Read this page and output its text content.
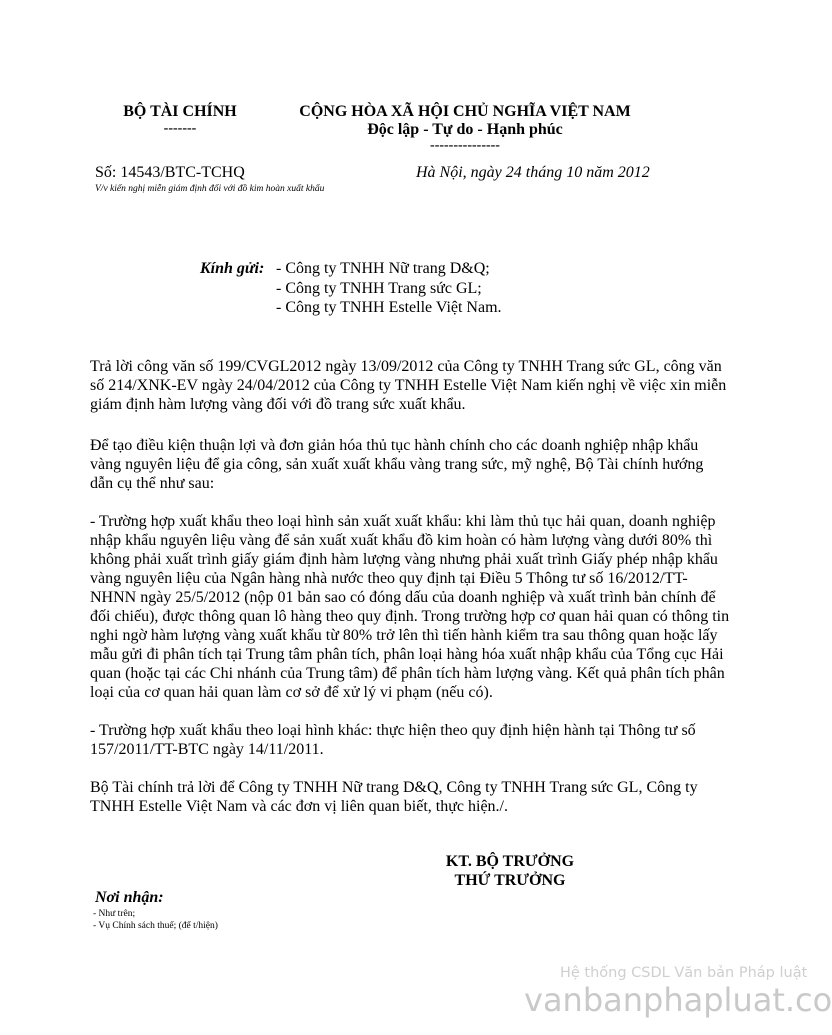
BỘ TÀI CHÍNH
-------
CỘNG HÒA XÃ HỘI CHỦ NGHĨA VIỆT NAM
Độc lập - Tự do - Hạnh phúc
---------------
Số: 14543/BTC-TCHQ	Hà Nội, ngày 24 tháng 10 năm 2012
V/v kiến nghị miễn giám định đối với đồ kim hoàn xuất khẩu
Kính gửi: - Công ty TNHH Nữ trang D&Q;
- Công ty TNHH Trang sức GL;
- Công ty TNHH Estelle Việt Nam.

Trả lời công văn số 199/CVGL2012 ngày 13/09/2012 của Công ty TNHH Trang sức GL, công văn số 214/XNK-EV ngày 24/04/2012 của Công ty TNHH Estelle Việt Nam kiến nghị về việc xin miễn giám định hàm lượng vàng đối với đồ trang sức xuất khẩu.

Để tạo điều kiện thuận lợi và đơn giản hóa thủ tục hành chính cho các doanh nghiệp nhập khẩu vàng nguyên liệu để gia công, sản xuất xuất khẩu vàng trang sức, mỹ nghệ, Bộ Tài chính hướng dẫn cụ thể như sau:

- Trường hợp xuất khẩu theo loại hình sản xuất xuất khẩu: khi làm thủ tục hải quan, doanh nghiệp nhập khẩu nguyên liệu vàng để sản xuất xuất khẩu đồ kim hoàn có hàm lượng vàng dưới 80% thì không phải xuất trình giấy giám định hàm lượng vàng nhưng phải xuất trình Giấy phép nhập khẩu vàng nguyên liệu của Ngân hàng nhà nước theo quy định tại Điều 5 Thông tư số 16/2012/TT-NHNN ngày 25/5/2012 (nộp 01 bản sao có đóng dấu của doanh nghiệp và xuất trình bản chính để đối chiếu), được thông quan lô hàng theo quy định. Trong trường hợp cơ quan hải quan có thông tin nghi ngờ hàm lượng vàng xuất khẩu từ 80% trở lên thì tiến hành kiểm tra sau thông quan hoặc lấy mẫu gửi đi phân tích tại Trung tâm phân tích, phân loại hàng hóa xuất nhập khẩu của Tổng cục Hải quan (hoặc tại các Chi nhánh của Trung tâm) để phân tích hàm lượng vàng. Kết quả phân tích phân loại của cơ quan hải quan làm cơ sở để xử lý vi phạm (nếu có).

- Trường hợp xuất khẩu theo loại hình khác: thực hiện theo quy định hiện hành tại Thông tư số 157/2011/TT-BTC ngày 14/11/2011.

Bộ Tài chính trả lời để Công ty TNHH Nữ trang D&Q, Công ty TNHH Trang sức GL, Công ty TNHH Estelle Việt Nam và các đơn vị liên quan biết, thực hiện./.

KT. BỘ TRƯỞNG
THỨ TRƯỞNG
Nơi nhận:
- Như trên;
- Vụ Chính sách thuế; (để t/hiện)
Hệ thống CSDL Văn bản Pháp luật
vanbanphapluat.co
